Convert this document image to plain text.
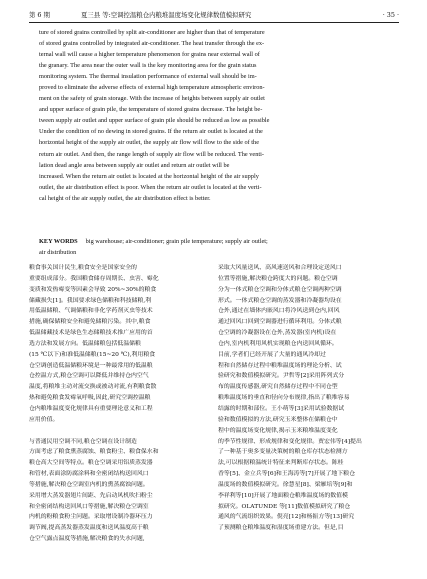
第 6 期	夏三县 等:空调控温粮仓内粮堆温度场变化规律数值模拟研究	· 35 ·
ture of stored grains controlled by split air-conditioner are higher than that of temperature
of stored grains controlled by integrated air-conditioner. The heat transfer through the ex-
ternal wall will cause a higher temperature phenomenon for grains near external wall of
the granary. The area near the outer wall is the key monitoring area for the grain status
monitoring system. The thermal insulation performance of external wall should be im-
proved to eliminate the adverse effects of external high temperature atmospheric environ-
ment on the safety of grain storage. With the increase of heights between supply air outlet
and upper surface of grain pile, the temperature of stored grains decrease. The height be-
tween supply air outlet and upper surface of grain pile should be reduced as low as possible
Under the condition of no dewing in stored grains. If the return air outlet is located at the
horizontal height of the supply air outlet, the supply air flow will flow to the side of the
return air outlet. And then, the range length of supply air flow will be reduced. The venti-
lation dead angle area between supply air outlet and return air outlet will be
increased. When the return air outlet is located at the horizontal height of the air supply
outlet, the air distribution effect is poor. When the return air outlet is located at the verti-
cal height of the air supply outlet, the air distribution effect is better.
KEY WORDS big warehouse; air-conditioner; grain pile temperature; supply air outlet;
air distribution
粮食事关国计民生,粮食安全是国家安全的
重要组成部分。我国粮食储存周期长、虫害、霉化
变质和发热霉变等因素会导致 20%~30%的粮食
储藏损失[1]。我国要求绿色储粮和科技储粮,利
用低温储粮、气调储粮和非化学药剂灭虫等技术
措施,确保储粮安全和避免储粮污染。其中,粮食
低温储藏技术是绿色生态储粮技术推广应用的首
选方法和发展方向。低温储粮包括低温储粮
(15 ℃以下)和准低温储粮(15~20 ℃),利用粮食
仓空调创造低温储粮环境是一种最常用的低温粮
仓控温方式,粮仓空调可以降低并维持仓内空气
温度,将粮堆主动对流交换或被动对流,有利粮食散
热和避免粮食发霉氧呼吸,因此,研究空调控温粮
仓内粮堆温度变化规律具有重要理论意义和工程
应用价值。
与普通民用空调不同,粮仓空调在设计制造
方面考虑了粮食熏蒸腐蚀、粮食粉尘、粮食保水和
粮仓高大空间等特点。粮仓空调采用铝质蒸发器
和管材,表面涂防腐涂料和全密闭结构送回风口
等措施,解决粮仓空调室内机的熏蒸腐蚀问题。
采用增大蒸发器翅片间距、先启动风机吹扫粉尘
和全密闭结构送回风口等措施,解决粮仓空调室
内机的粉粮食粉尘问题。采取增设制冷器环压力
调节阀,提高蒸发器蒸发温度和送风温度高于粮
仓空气露点温度等措施,解决粮食的失水问题,
采取大风量送风、高风速送风和合理设定送风口
位置等措施,解决粮仓跨度大的问题。粮仓空调
分为一体式粮仓空调和分体式粮仓空调两种空调
形式。一体式粮仓空调的蒸发器和冷凝器均设在
仓外,通过在墙体内嵌风口将冷风送到仓内,回风
通过回风口回到空调器进行循环利用。分体式粮
仓空调的冷凝器设在仓外,蒸发器(室内机)设在
仓内,室内机利用风机实现粮仓内送回风循环。
目前,学者们已经开展了大量的通风冷却过
程和自然储存过程中粮堆温度场的理论分析、试
验研究和数值模拟研究。尹哲等[2]采用阵列式分
布的温度传感器,研究自然储存过程中不同仓型
粮堆温度场的垂直和径向分布规律,指出了粮堆容易
结露的时期和部位。王小萌等[3]采用试验数据试
验和数值模拟的方法,研究玉米整体在储粮仓中
程中的温度场变化规律,揭示玉米粮堆温度变化
的季节性规律、形成规律和变化规律。贾宏伟等[4]提出
了一种基于奥多变量决策树的粮仓库存状态检测方
法,可以根据粮温统计特征来判断库存状态。陈桂
香等[5]、金立兵等[6]和王海涛等[7]开展了地下粮仓
温度场的数值模拟研究。徐慧星[8]、梁雁培等[9]和
李祥利等[10]开展了地面粮仓粮堆温度场的数值模
拟研究。OLATUNDE 等[11]数值模拟研究了粮仓
通风的气流组织效果。倪亮[12]和杨振方等[13]研究
了预测粮仓粮堆温度和湿度场重建方法。但是,目
